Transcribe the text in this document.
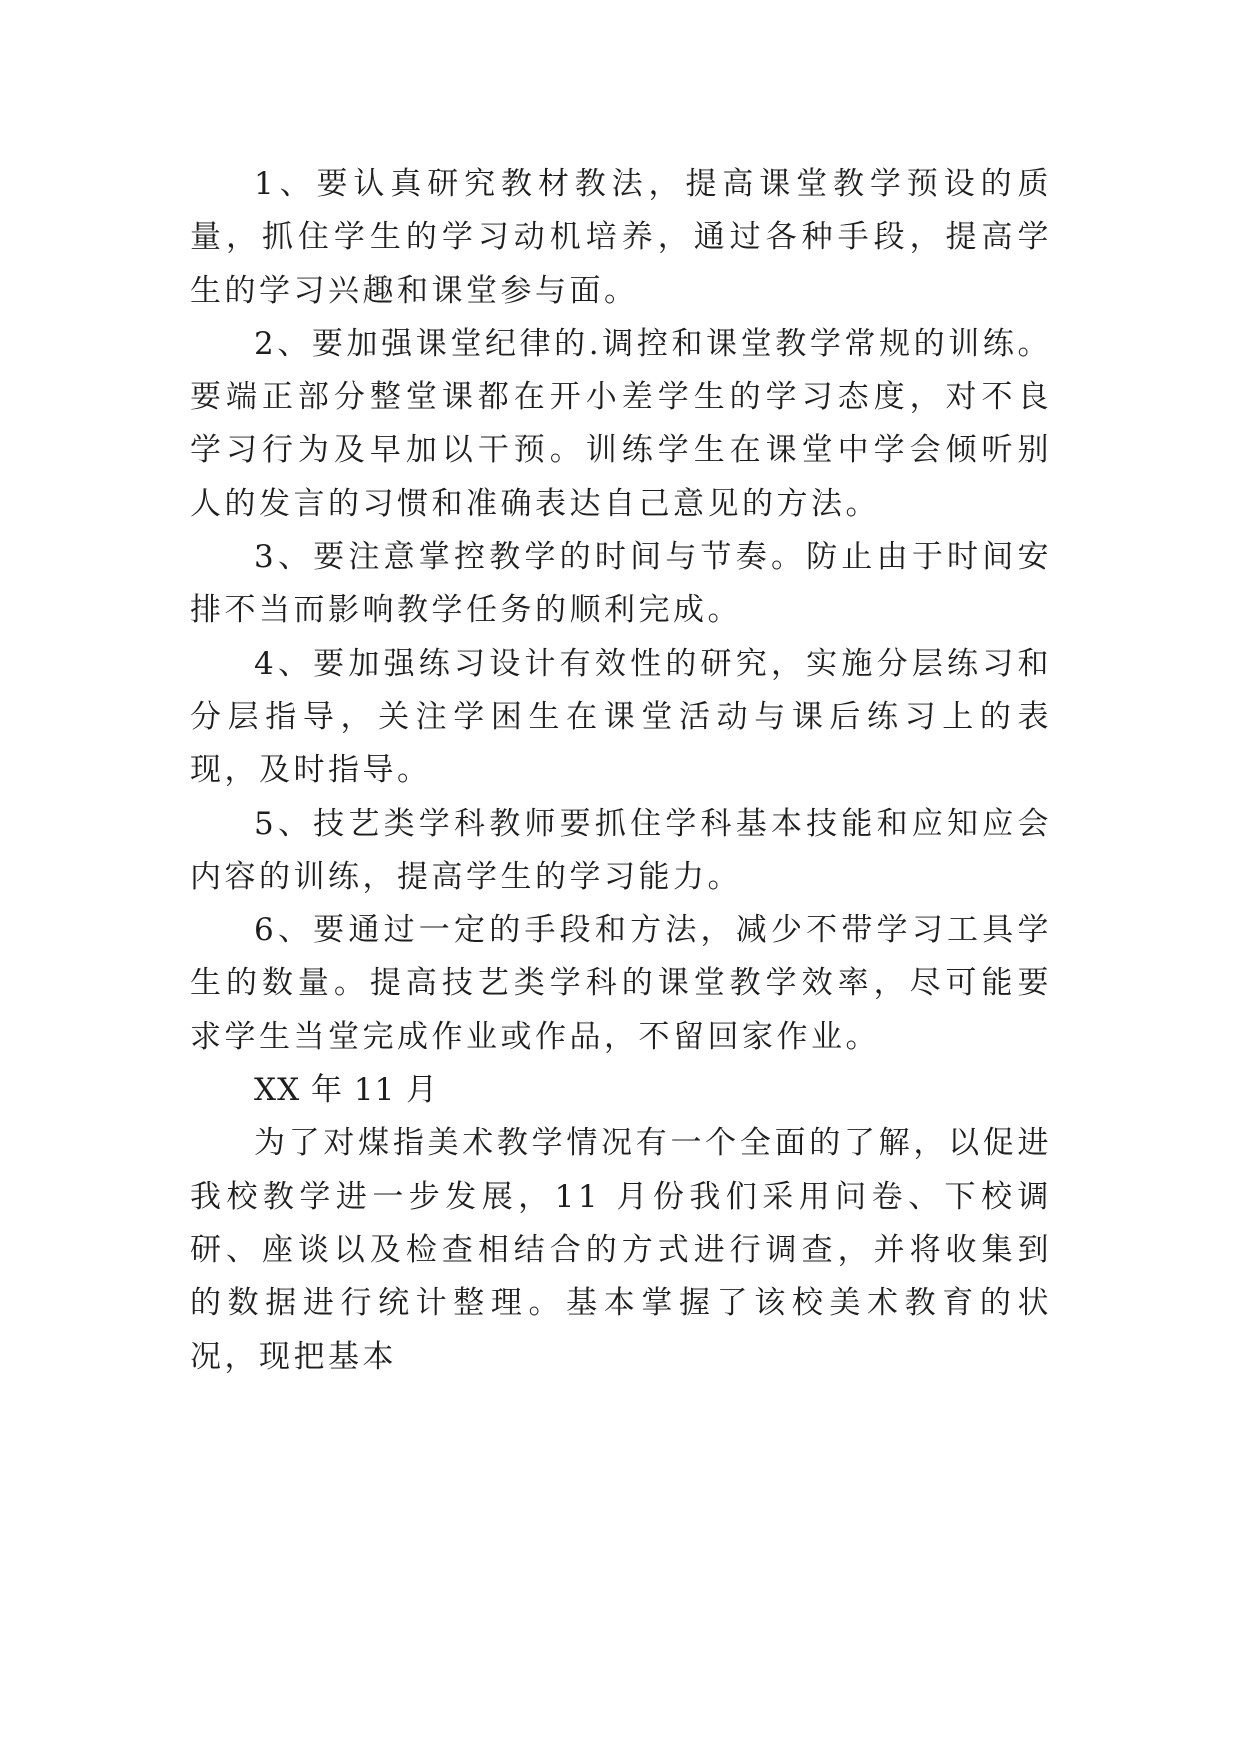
1、要认真研究教材教法，提高课堂教学预设的质量，抓住学生的学习动机培养，通过各种手段，提高学生的学习兴趣和课堂参与面。

2、要加强课堂纪律的.调控和课堂教学常规的训练。要端正部分整堂课都在开小差学生的学习态度，对不良学习行为及早加以干预。训练学生在课堂中学会倾听别人的发言的习惯和准确表达自己意见的方法。

3、要注意掌控教学的时间与节奏。防止由于时间安排不当而影响教学任务的顺利完成。

4、要加强练习设计有效性的研究，实施分层练习和分层指导，关注学困生在课堂活动与课后练习上的表现，及时指导。

5、技艺类学科教师要抓住学科基本技能和应知应会内容的训练，提高学生的学习能力。

6、要通过一定的手段和方法，减少不带学习工具学生的数量。提高技艺类学科的课堂教学效率，尽可能要求学生当堂完成作业或作品，不留回家作业。

XX 年 11 月

为了对煤指美术教学情况有一个全面的了解，以促进我校教学进一步发展，11 月份我们采用问卷、下校调研、座谈以及检查相结合的方式进行调查，并将收集到的数据进行统计整理。基本掌握了该校美术教育的状况，现把基本
